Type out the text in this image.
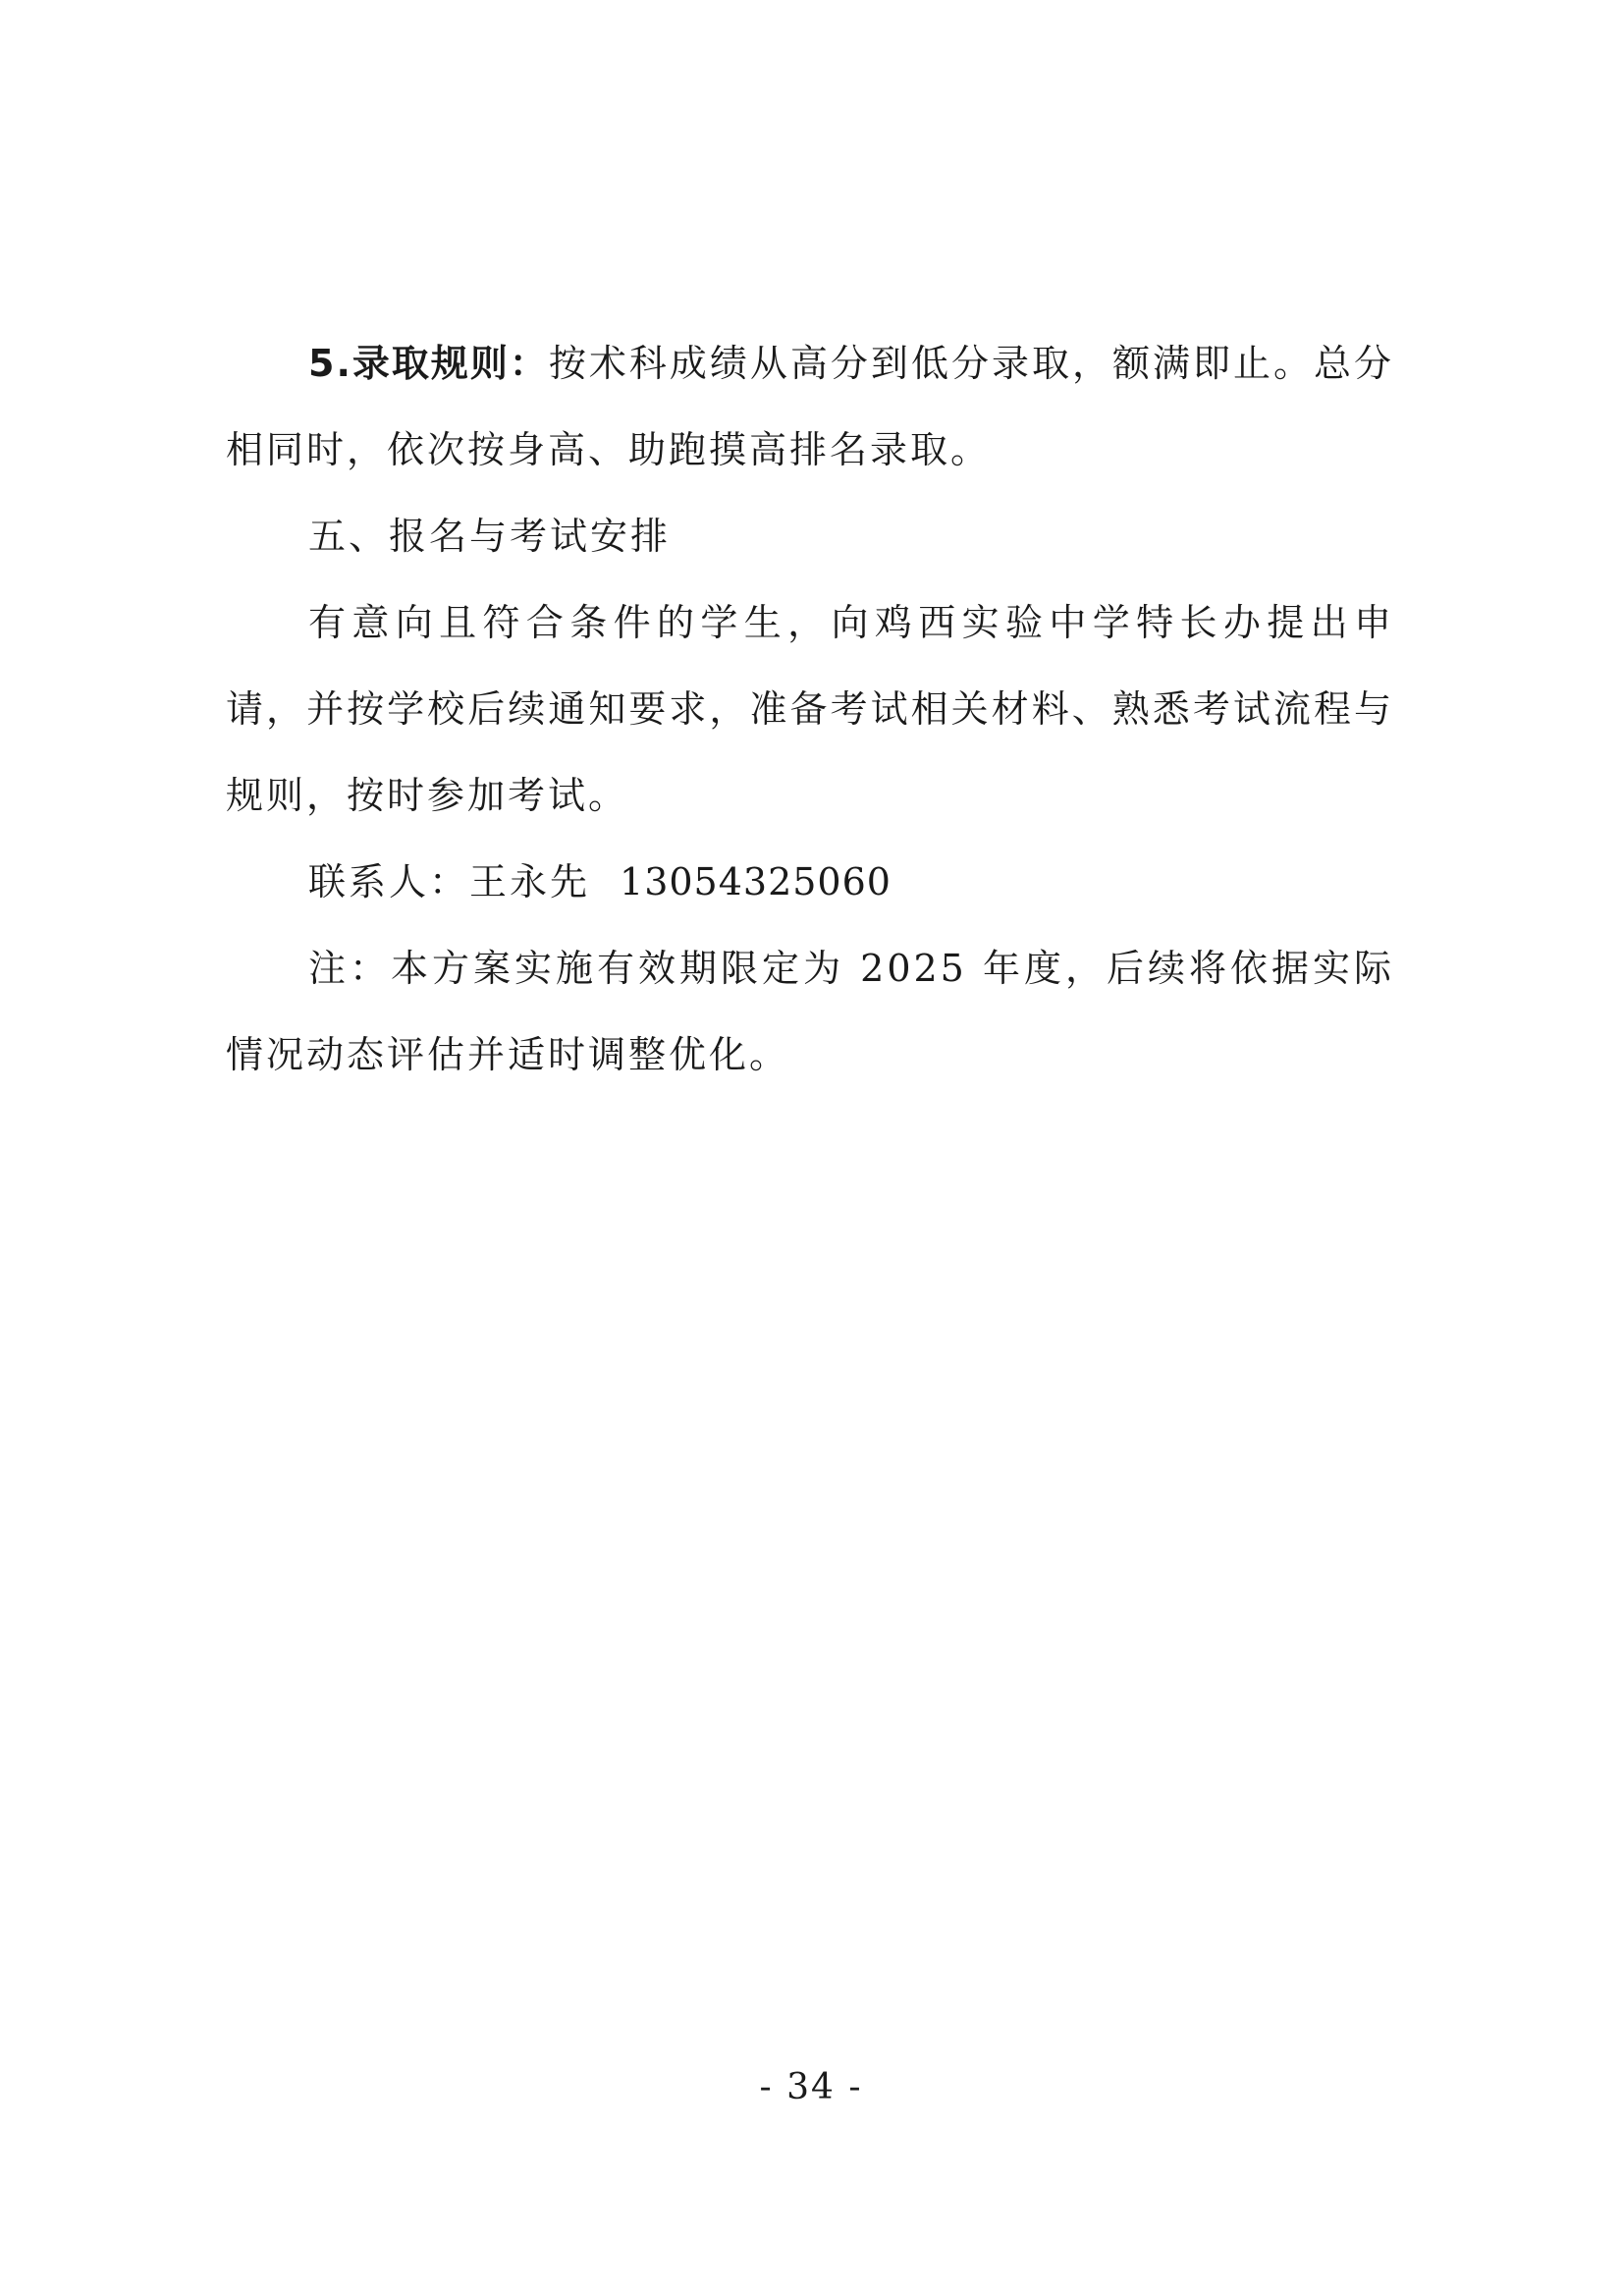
5.录取规则：按术科成绩从高分到低分录取，额满即止。总分相同时，依次按身高、助跑摸高排名录取。

五、报名与考试安排

有意向且符合条件的学生，向鸡西实验中学特长办提出申请，并按学校后续通知要求，准备考试相关材料、熟悉考试流程与规则，按时参加考试。

联系人：王永先 13054325060

注：本方案实施有效期限定为 2025 年度，后续将依据实际情况动态评估并适时调整优化。

- 34 -
